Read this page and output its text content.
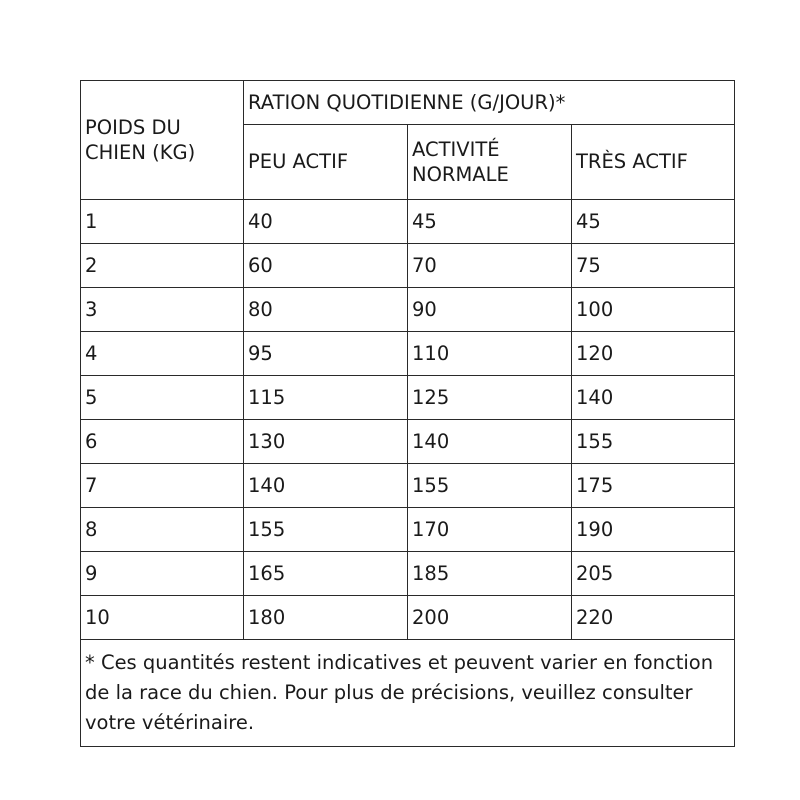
POIDS DU CHIEN (KG)	RATION QUOTIDIENNE (G/JOUR)*		
	PEU ACTIF	ACTIVITÉ NORMALE	TRÈS ACTIF
1	40	45	45
2	60	70	75
3	80	90	100
4	95	110	120
5	115	125	140
6	130	140	155
7	140	155	175
8	155	170	190
9	165	185	205
10	180	200	220
* Ces quantités restent indicatives et peuvent varier en fonction de la race du chien. Pour plus de précisions, veuillez consulter votre vétérinaire.			
